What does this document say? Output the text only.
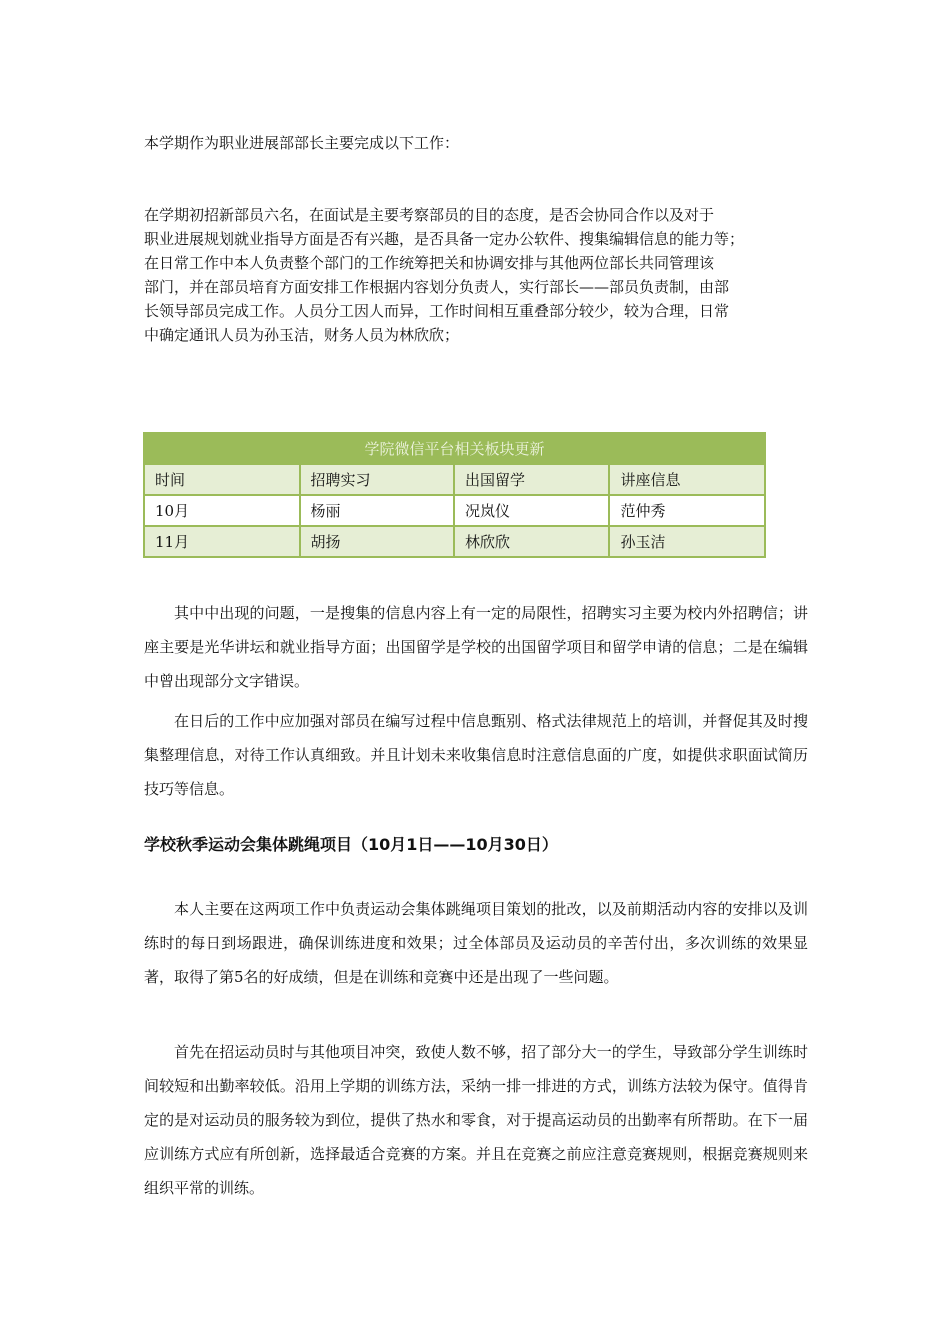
本学期作为职业进展部部长主要完成以下工作：

在学期初招新部员六名，在面试是主要考察部员的目的态度，是否会协同合作以及对于
职业进展规划就业指导方面是否有兴趣，是否具备一定办公软件、搜集编辑信息的能力等；
在日常工作中本人负责整个部门的工作统筹把关和协调安排与其他两位部长共同管理该
部门，并在部员培育方面安排工作根据内容划分负责人，实行部长——部员负责制，由部
长领导部员完成工作。人员分工因人而异，工作时间相互重叠部分较少，较为合理，日常
中确定通讯人员为孙玉洁，财务人员为林欣欣；
学院微信平台相关板块更新			
时间	招聘实习	出国留学	讲座信息
10月	杨丽	况岚仪	范仲秀
11月	胡扬	林欣欣	孙玉洁

其中中出现的问题，一是搜集的信息内容上有一定的局限性，招聘实习主要为校内外招聘信；讲座主要是光华讲坛和就业指导方面；出国留学是学校的出国留学项目和留学申请的信息；二是在编辑中曾出现部分文字错误。

在日后的工作中应加强对部员在编写过程中信息甄别、格式法律规范上的培训，并督促其及时搜集整理信息，对待工作认真细致。并且计划未来收集信息时注意信息面的广度，如提供求职面试简历技巧等信息。

学校秋季运动会集体跳绳项目（10月1日——10月30日）

本人主要在这两项工作中负责运动会集体跳绳项目策划的批改，以及前期活动内容的安排以及训练时的每日到场跟进，确保训练进度和效果；过全体部员及运动员的辛苦付出，多次训练的效果显著，取得了第5名的好成绩，但是在训练和竞赛中还是出现了一些问题。

首先在招运动员时与其他项目冲突，致使人数不够，招了部分大一的学生，导致部分学生训练时间较短和出勤率较低。沿用上学期的训练方法，采纳一排一排进的方式，训练方法较为保守。值得肯定的是对运动员的服务较为到位，提供了热水和零食，对于提高运动员的出勤率有所帮助。在下一届应训练方式应有所创新，选择最适合竞赛的方案。并且在竞赛之前应注意竞赛规则，根据竞赛规则来组织平常的训练。
